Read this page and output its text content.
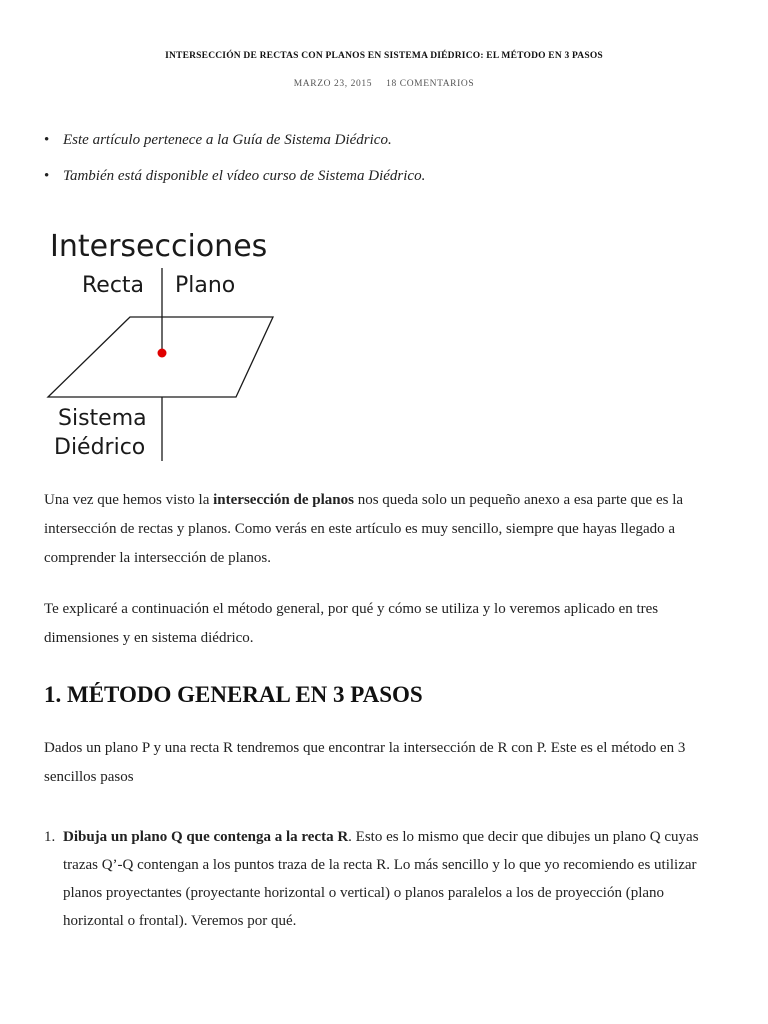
INTERSECCIÓN DE RECTAS CON PLANOS EN SISTEMA DIÉDRICO: EL MÉTODO EN 3 PASOS
MARZO 23, 2015 18 COMENTARIOS
• Este artículo pertenece a la Guía de Sistema Diédrico.
• También está disponible el vídeo curso de Sistema Diédrico.
Intersecciones
Recta Plano
Sistema
Diédrico

Una vez que hemos visto la intersección de planos nos queda solo un pequeño anexo a esa parte que es la intersección de rectas y planos. Como verás en este artículo es muy sencillo, siempre que hayas llegado a comprender la intersección de planos.

Te explicaré a continuación el método general, por qué y cómo se utiliza y lo veremos aplicado en tres dimensiones y en sistema diédrico.

1. MÉTODO GENERAL EN 3 PASOS

Dados un plano P y una recta R tendremos que encontrar la intersección de R con P. Este es el método en 3 sencillos pasos

1. Dibuja un plano Q que contenga a la recta R. Esto es lo mismo que decir que dibujes un plano Q cuyas trazas Q’-Q contengan a los puntos traza de la recta R. Lo más sencillo y lo que yo recomiendo es utilizar planos proyectantes (proyectante horizontal o vertical) o planos paralelos a los de proyección (plano horizontal o frontal). Veremos por qué.
